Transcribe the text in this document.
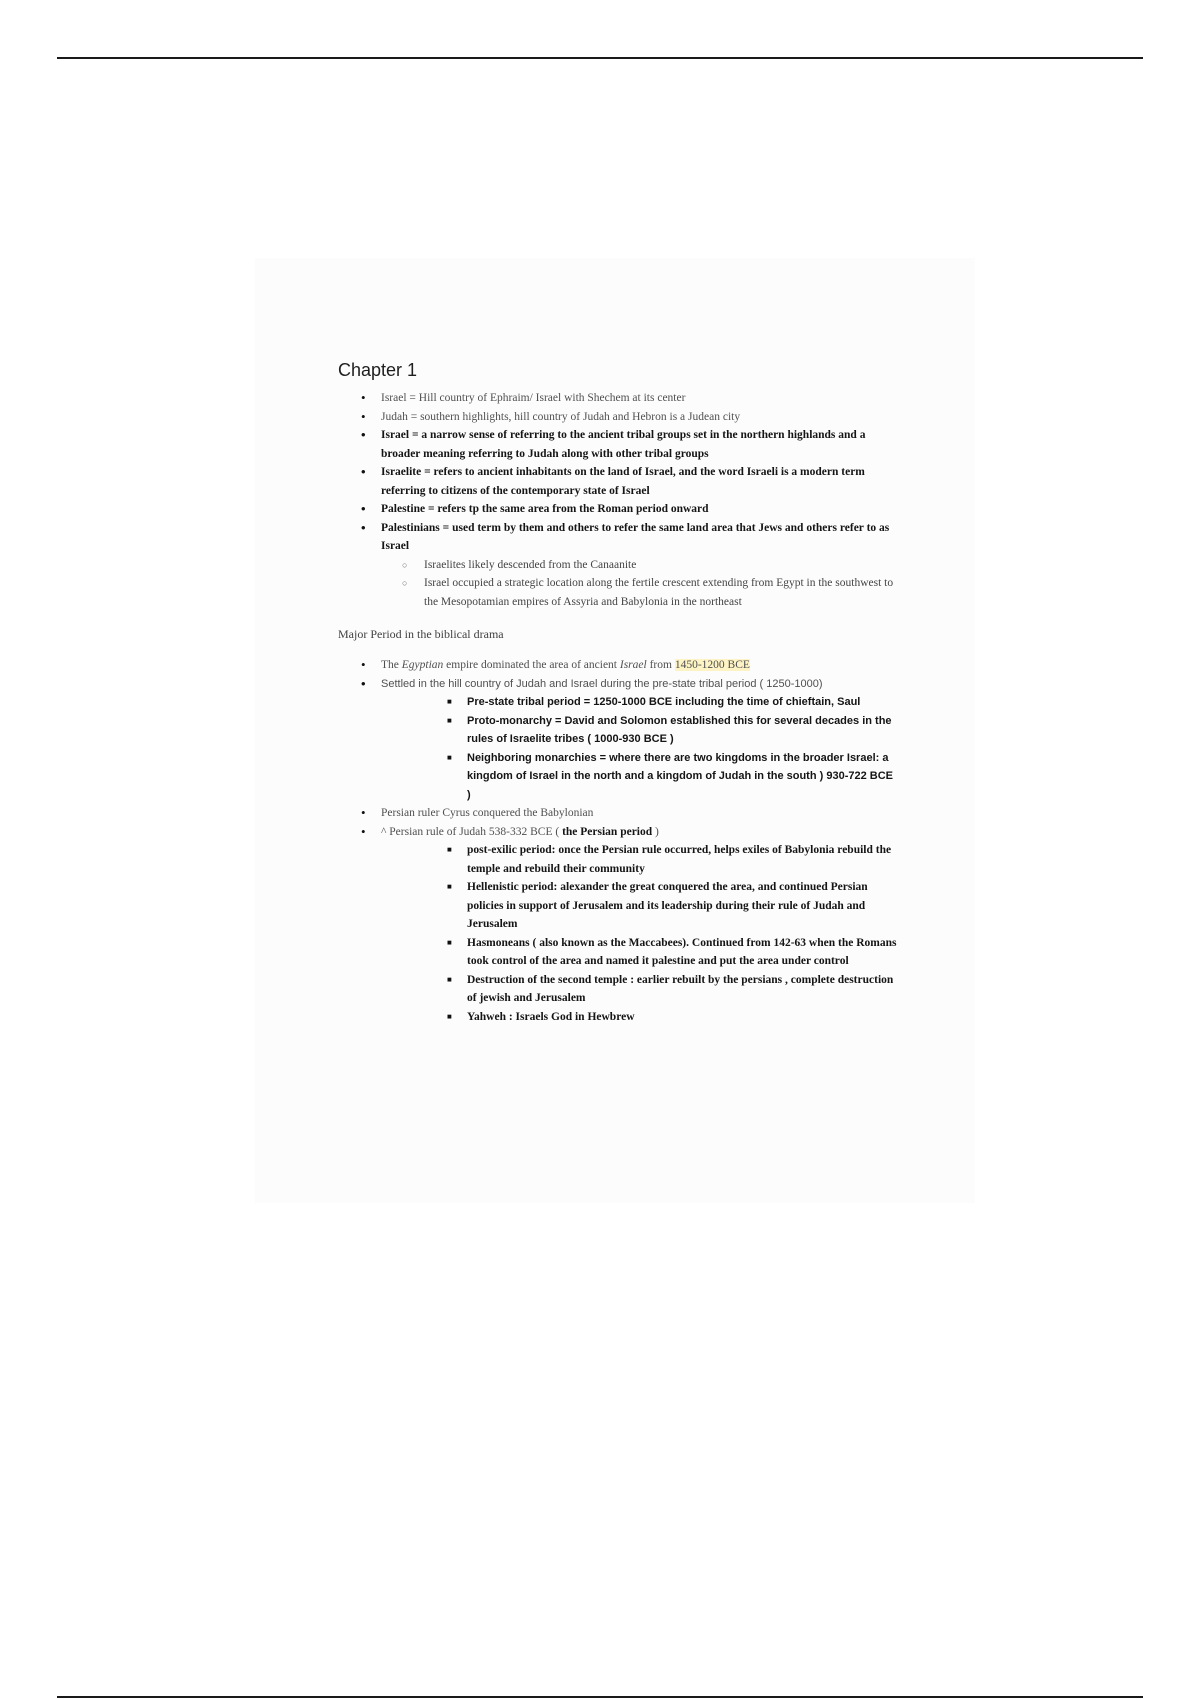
Chapter 1
• Israel = Hill country of Ephraim/ Israel with Shechem at its center
• Judah = southern highlights, hill country of Judah and Hebron is a Judean city
• Israel = a narrow sense of referring to the ancient tribal groups set in the northern highlands and a broader meaning referring to Judah along with other tribal groups
• Israelite = refers to ancient inhabitants on the land of Israel, and the word Israeli is a modern term referring to citizens of the contemporary state of Israel
• Palestine = refers tp the same area from the Roman period onward
• Palestinians = used term by them and others to refer the same land area that Jews and others refer to as Israel
○ Israelites likely descended from the Canaanite
○ Israel occupied a strategic location along the fertile crescent extending from Egypt in the southwest to the Mesopotamian empires of Assyria and Babylonia in the northeast
Major Period in the biblical drama
• The Egyptian empire dominated the area of ancient Israel from 1450-1200 BCE
• Settled in the hill country of Judah and Israel during the pre-state tribal period ( 1250-1000)
■ Pre-state tribal period = 1250-1000 BCE including the time of chieftain, Saul
■ Proto-monarchy = David and Solomon established this for several decades in the rules of Israelite tribes ( 1000-930 BCE )
■ Neighboring monarchies = where there are two kingdoms in the broader Israel: a kingdom of Israel in the north and a kingdom of Judah in the south ) 930-722 BCE )
• Persian ruler Cyrus conquered the Babylonian
• ^ Persian rule of Judah 538-332 BCE ( the Persian period )
■ post-exilic period: once the Persian rule occurred, helps exiles of Babylonia rebuild the temple and rebuild their community
■ Hellenistic period: alexander the great conquered the area, and continued Persian policies in support of Jerusalem and its leadership during their rule of Judah and Jerusalem
■ Hasmoneans ( also known as the Maccabees). Continued from 142-63 when the Romans took control of the area and named it palestine and put the area under control
■ Destruction of the second temple : earlier rebuilt by the persians , complete destruction of jewish and Jerusalem
■ Yahweh : Israels God in Hewbrew
